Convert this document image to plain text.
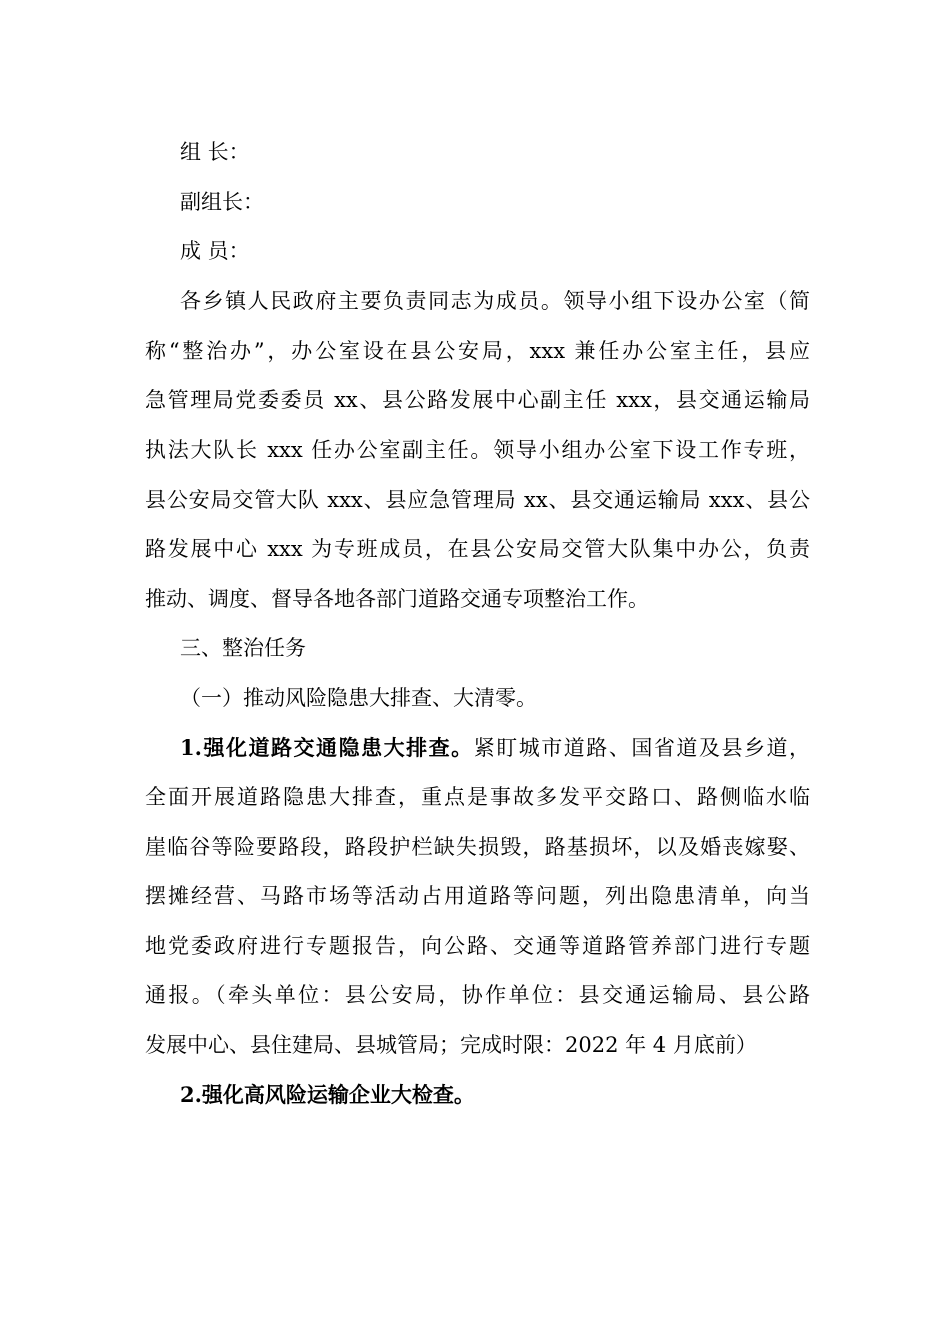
组 长：
副组长：
成 员：
各乡镇人民政府主要负责同志为成员。领导小组下设办公室（简
称“整治办”，办公室设在县公安局，xxx 兼任办公室主任，县应
急管理局党委委员 xx、县公路发展中心副主任 xxx，县交通运输局
执法大队长 xxx 任办公室副主任。领导小组办公室下设工作专班，
县公安局交管大队 xxx、县应急管理局 xx、县交通运输局 xxx、县公
路发展中心 xxx 为专班成员，在县公安局交管大队集中办公，负责
推动、调度、督导各地各部门道路交通专项整治工作。
三、整治任务
（一）推动风险隐患大排查、大清零。
1.强化道路交通隐患大排查。紧盯城市道路、国省道及县乡道，
全面开展道路隐患大排查，重点是事故多发平交路口、路侧临水临
崖临谷等险要路段，路段护栏缺失损毁，路基损坏，以及婚丧嫁娶、
摆摊经营、马路市场等活动占用道路等问题，列出隐患清单，向当
地党委政府进行专题报告，向公路、交通等道路管养部门进行专题
通报。（牵头单位：县公安局，协作单位：县交通运输局、县公路
发展中心、县住建局、县城管局；完成时限：2022 年 4 月底前）
2.强化高风险运输企业大检查。
